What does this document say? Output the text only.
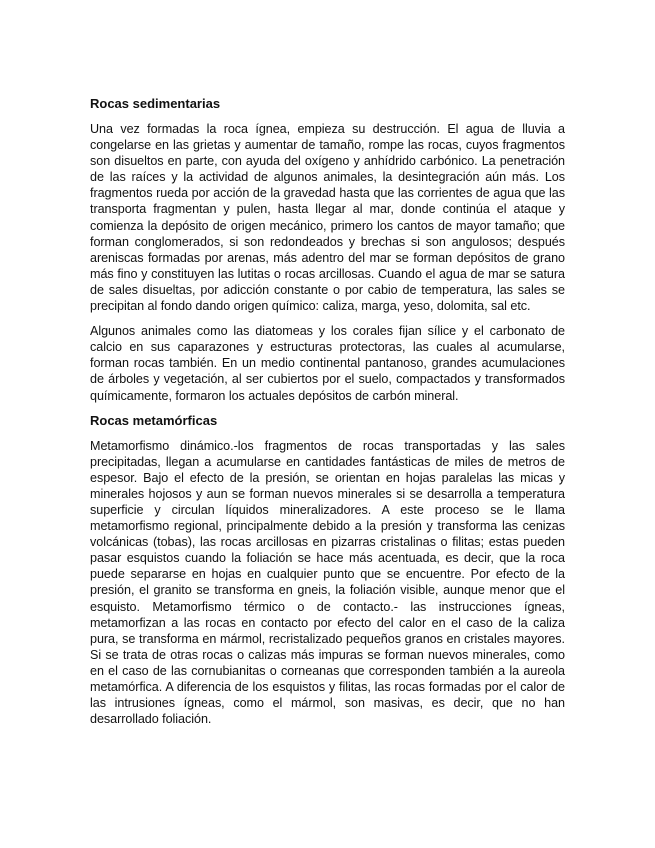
Rocas sedimentarias

Una vez formadas la roca ígnea, empieza su destrucción. El agua de lluvia a congelarse en las grietas y aumentar de tamaño, rompe las rocas, cuyos fragmentos son disueltos en parte, con ayuda del oxígeno y anhídrido carbónico. La penetración de las raíces y la actividad de algunos animales, la desintegración aún más. Los fragmentos rueda por acción de la gravedad hasta que las corrientes de agua que las transporta fragmentan y pulen, hasta llegar al mar, donde continúa el ataque y comienza la depósito de origen mecánico, primero los cantos de mayor tamaño; que forman conglomerados, si son redondeados y brechas si son angulosos; después areniscas formadas por arenas, más adentro del mar se forman depósitos de grano más fino y constituyen las lutitas o rocas arcillosas. Cuando el agua de mar se satura de sales disueltas, por adicción constante o por cabio de temperatura, las sales se precipitan al fondo dando origen químico: caliza, marga, yeso, dolomita, sal etc.

Algunos animales como las diatomeas y los corales fijan sílice y el carbonato de calcio en sus caparazones y estructuras protectoras, las cuales al acumularse, forman rocas también. En un medio continental pantanoso, grandes acumulaciones de árboles y vegetación, al ser cubiertos por el suelo, compactados y transformados químicamente, formaron los actuales depósitos de carbón mineral.

Rocas metamórficas

Metamorfismo dinámico.-los fragmentos de rocas transportadas y las sales precipitadas, llegan a acumularse en cantidades fantásticas de miles de metros de espesor. Bajo el efecto de la presión, se orientan en hojas paralelas las micas y minerales hojosos y aun se forman nuevos minerales si se desarrolla a temperatura superficie y circulan líquidos mineralizadores. A este proceso se le llama metamorfismo regional, principalmente debido a la presión y transforma las cenizas volcánicas (tobas), las rocas arcillosas en pizarras cristalinas o filitas; estas pueden pasar esquistos cuando la foliación se hace más acentuada, es decir, que la roca puede separarse en hojas en cualquier punto que se encuentre. Por efecto de la presión, el granito se transforma en gneis, la foliación visible, aunque menor que el esquisto. Metamorfismo térmico o de contacto.- las instrucciones ígneas, metamorfizan a las rocas en contacto por efecto del calor en el caso de la caliza pura, se transforma en mármol, recristalizado pequeños granos en cristales mayores. Si se trata de otras rocas o calizas más impuras se forman nuevos minerales, como en el caso de las cornubianitas o corneanas que corresponden también a la aureola metamórfica. A diferencia de los esquistos y filitas, las rocas formadas por el calor de las intrusiones ígneas, como el mármol, son masivas, es decir, que no han desarrollado foliación.
